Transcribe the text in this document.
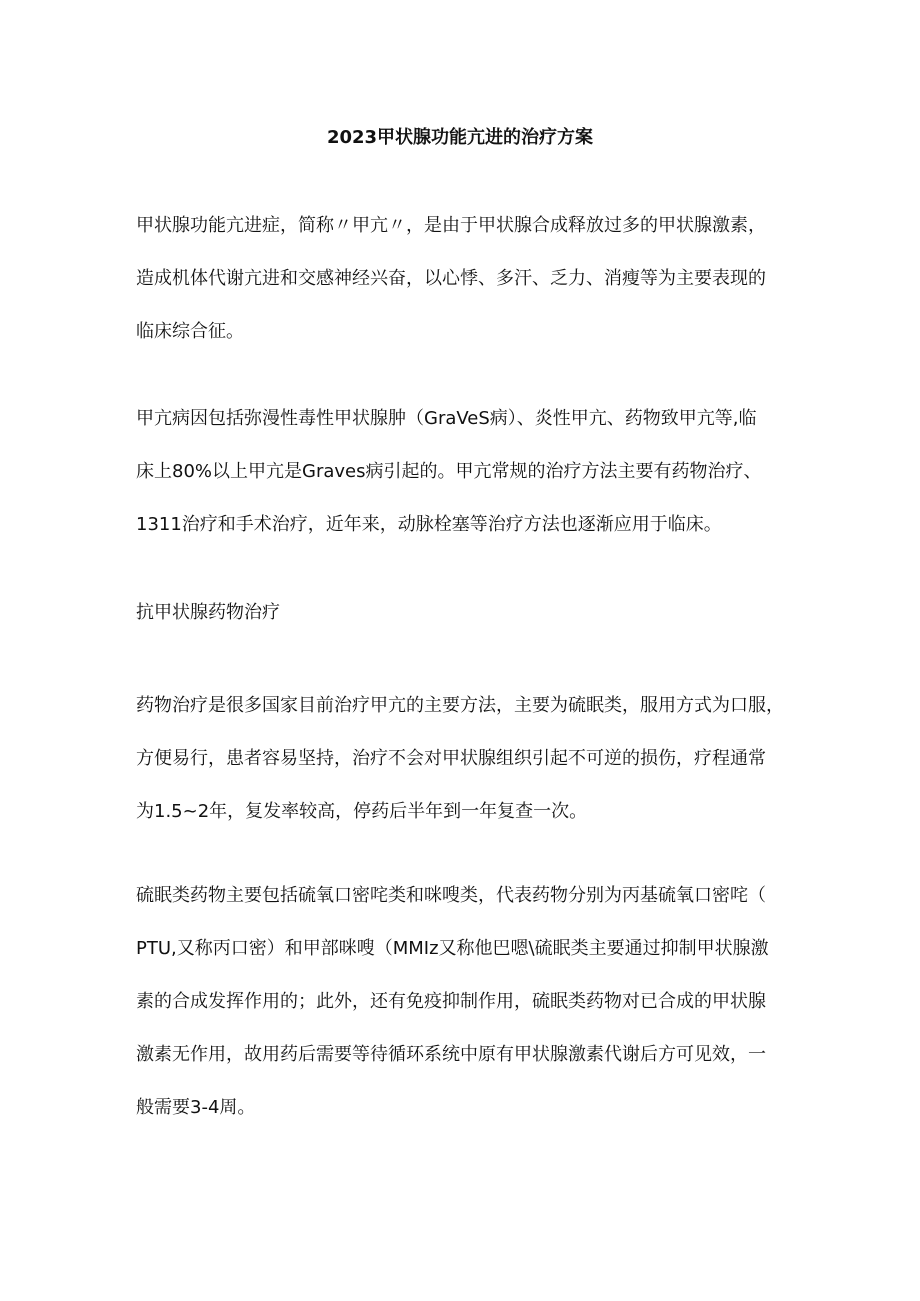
2023甲状腺功能亢进的治疗方案
甲状腺功能亢进症，简称〃甲亢〃，是由于甲状腺合成释放过多的甲状腺激素，
造成机体代谢亢进和交感神经兴奋，以心悸、多汗、乏力、消瘦等为主要表现的
临床综合征。
甲亢病因包括弥漫性毒性甲状腺肿（GraVeS病）、炎性甲亢、药物致甲亢等,临
床上80%以上甲亢是Graves病引起的。甲亢常规的治疗方法主要有药物治疗、
1311治疗和手术治疗，近年来，动脉栓塞等治疗方法也逐渐应用于临床。
抗甲状腺药物治疗
药物治疗是很多国家目前治疗甲亢的主要方法，主要为硫眠类，服用方式为口服，
方便易行，患者容易坚持，治疗不会对甲状腺组织引起不可逆的损伤，疗程通常
为1.5~2年，复发率较高，停药后半年到一年复查一次。
硫眠类药物主要包括硫氧口密咤类和咪嗖类，代表药物分别为丙基硫氧口密咤（
PTU,又称丙口密）和甲部咪嗖（MMIz又称他巴嗯\硫眠类主要通过抑制甲状腺激
素的合成发挥作用的；此外，还有免疫抑制作用，硫眠类药物对已合成的甲状腺
激素无作用，故用药后需要等待循环系统中原有甲状腺激素代谢后方可见效，一
般需要3-4周。
